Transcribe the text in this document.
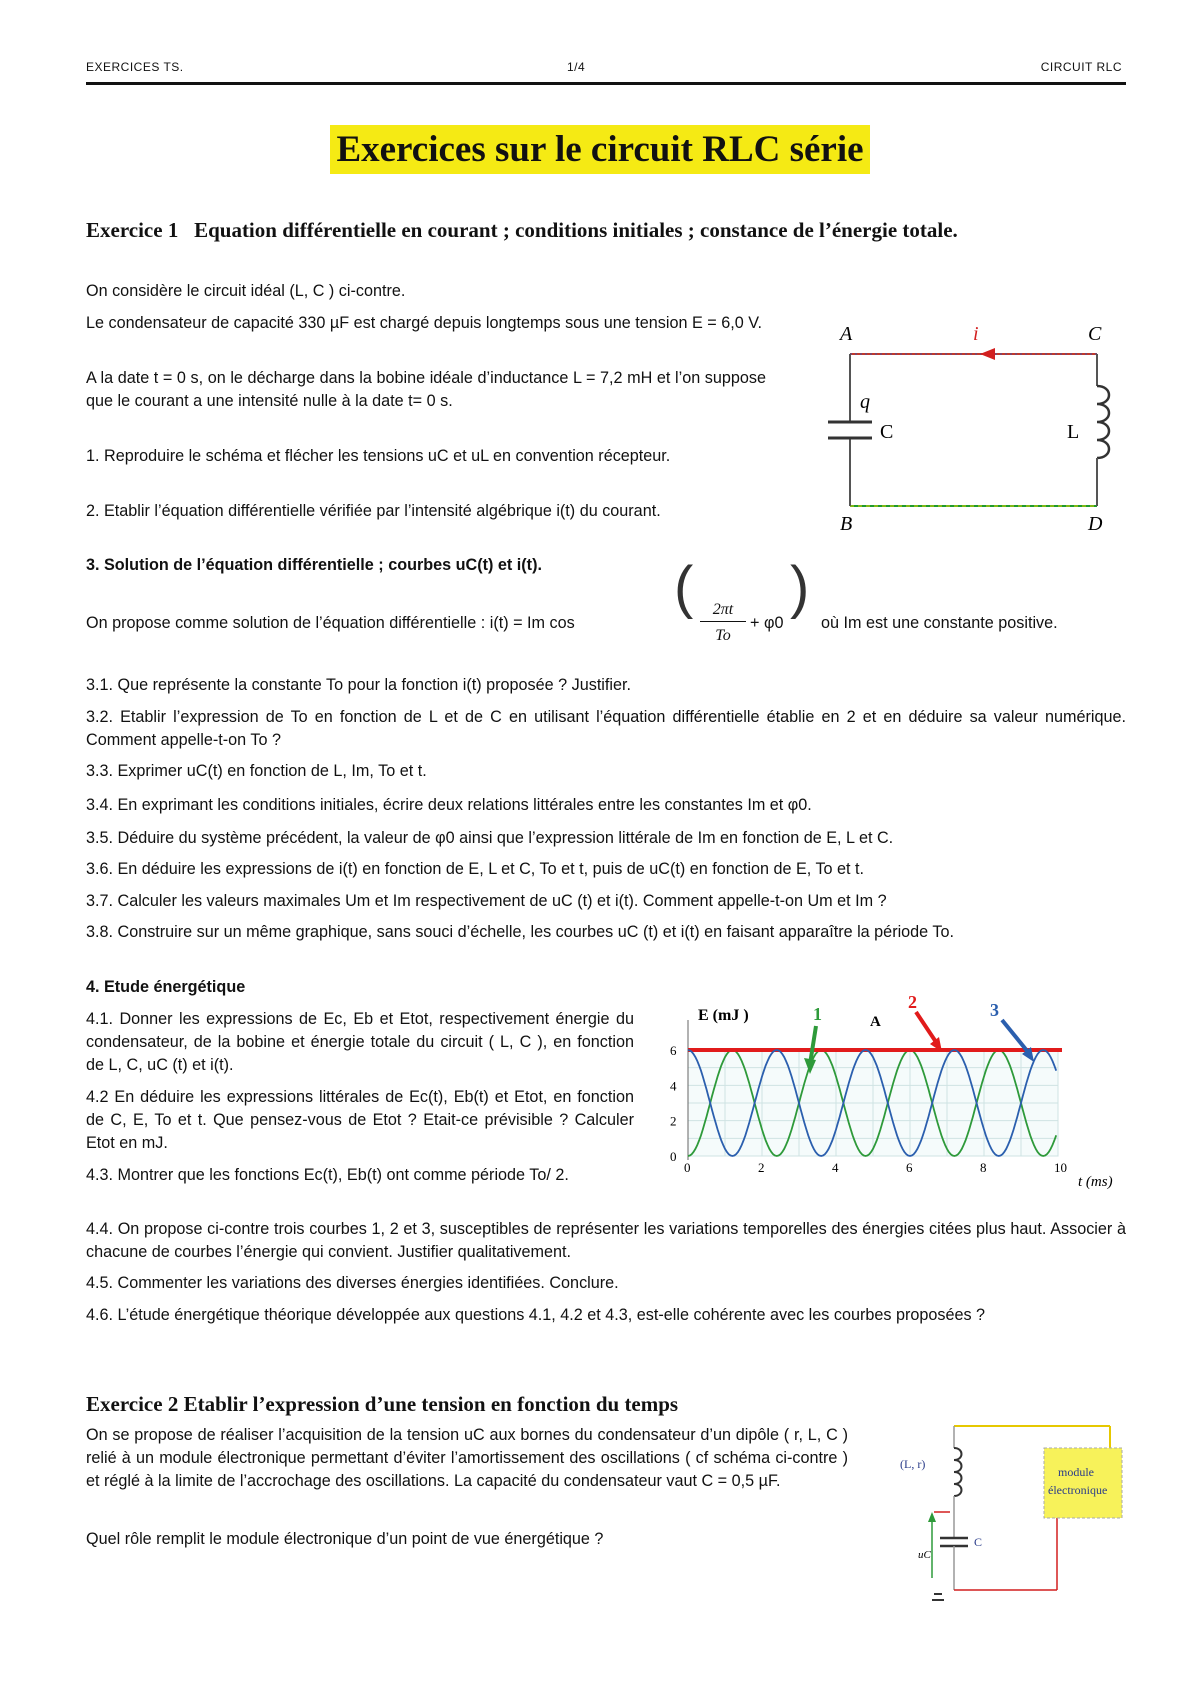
EXERCICES TS.	1/4	CIRCUIT RLC
Exercices sur le circuit RLC série
Exercice 1 Equation différentielle en courant ; conditions initiales ; constance de l’énergie totale.
On considère le circuit idéal (L, C ) ci-contre.
Le condensateur de capacité 330 µF est chargé depuis longtemps sous une tension E = 6,0 V.
A la date t = 0 s, on le décharge dans la bobine idéale d’inductance L = 7,2 mH et l’on suppose que le courant a une intensité nulle à la date t= 0 s.
1. Reproduire le schéma et flécher les tensions uC et uL en convention récepteur.
2. Etablir l’équation différentielle vérifiée par l’intensité algébrique i(t) du courant.
3. Solution de l’équation différentielle ; courbes uC(t) et i(t).
A
B
C
D
i
q
C	L
On propose comme solution de l’équation différentielle : i(t) = Im cos
(	2πt
To
+ φ0
)
où Im est une constante positive.
3.1. Que représente la constante To pour la fonction i(t) proposée ? Justifier.
3.2. Etablir l’expression de To en fonction de L et de C en utilisant l’équation différentielle établie en 2 et en déduire sa valeur numérique. Comment appelle-t-on To ?
3.3. Exprimer uC(t) en fonction de L, Im, To et t.
3.4. En exprimant les conditions initiales, écrire deux relations littérales entre les constantes Im et φ0.
3.5. Déduire du système précédent, la valeur de φ0 ainsi que l’expression littérale de Im en fonction de E, L et C.
3.6. En déduire les expressions de i(t) en fonction de E, L et C, To et t, puis de uC(t) en fonction de E, To et t.
3.7. Calculer les valeurs maximales Um et Im respectivement de uC (t) et i(t). Comment appelle-t-on Um et Im ?
3.8. Construire sur un même graphique, sans souci d’échelle, les courbes uC (t) et i(t) en faisant apparaître la période To.
4. Etude énergétique
4.1. Donner les expressions de Ec, Eb et Etot, respectivement énergie du condensateur, de la bobine et énergie totale du circuit ( L, C ), en fonction de L, C, uC (t) et i(t).
4.2 En déduire les expressions littérales de Ec(t), Eb(t) et Etot, en fonction de C, E, To et t. Que pensez-vous de Etot ? Etait-ce prévisible ? Calculer Etot en mJ.
4.3. Montrer que les fonctions Ec(t), Eb(t) ont comme période To/ 2.	0	2	4	6	8	10
0
2
4
6
E (mJ )
t (ms)
1
2	3
A
4.4. On propose ci-contre trois courbes 1, 2 et 3, susceptibles de représenter les variations temporelles des énergies citées plus haut. Associer à chacune de courbes l’énergie qui convient. Justifier qualitativement.
4.5. Commenter les variations des diverses énergies identifiées. Conclure.
4.6. L’étude énergétique théorique développée aux questions 4.1, 4.2 et 4.3, est-elle cohérente avec les courbes proposées ?
Exercice 2 Etablir l’expression d’une tension en fonction du temps
On se propose de réaliser l’acquisition de la tension uC aux bornes du condensateur d’un dipôle ( r, L, C ) relié à un module électronique permettant d’éviter l’amortissement des oscillations ( cf schéma ci-contre ) et réglé à la limite de l’accrochage des oscillations. La capacité du condensateur vaut C = 0,5 µF.
Quel rôle remplit le module électronique d’un point de vue énergétique ?
module
électronique
uC
(L, r)
C
